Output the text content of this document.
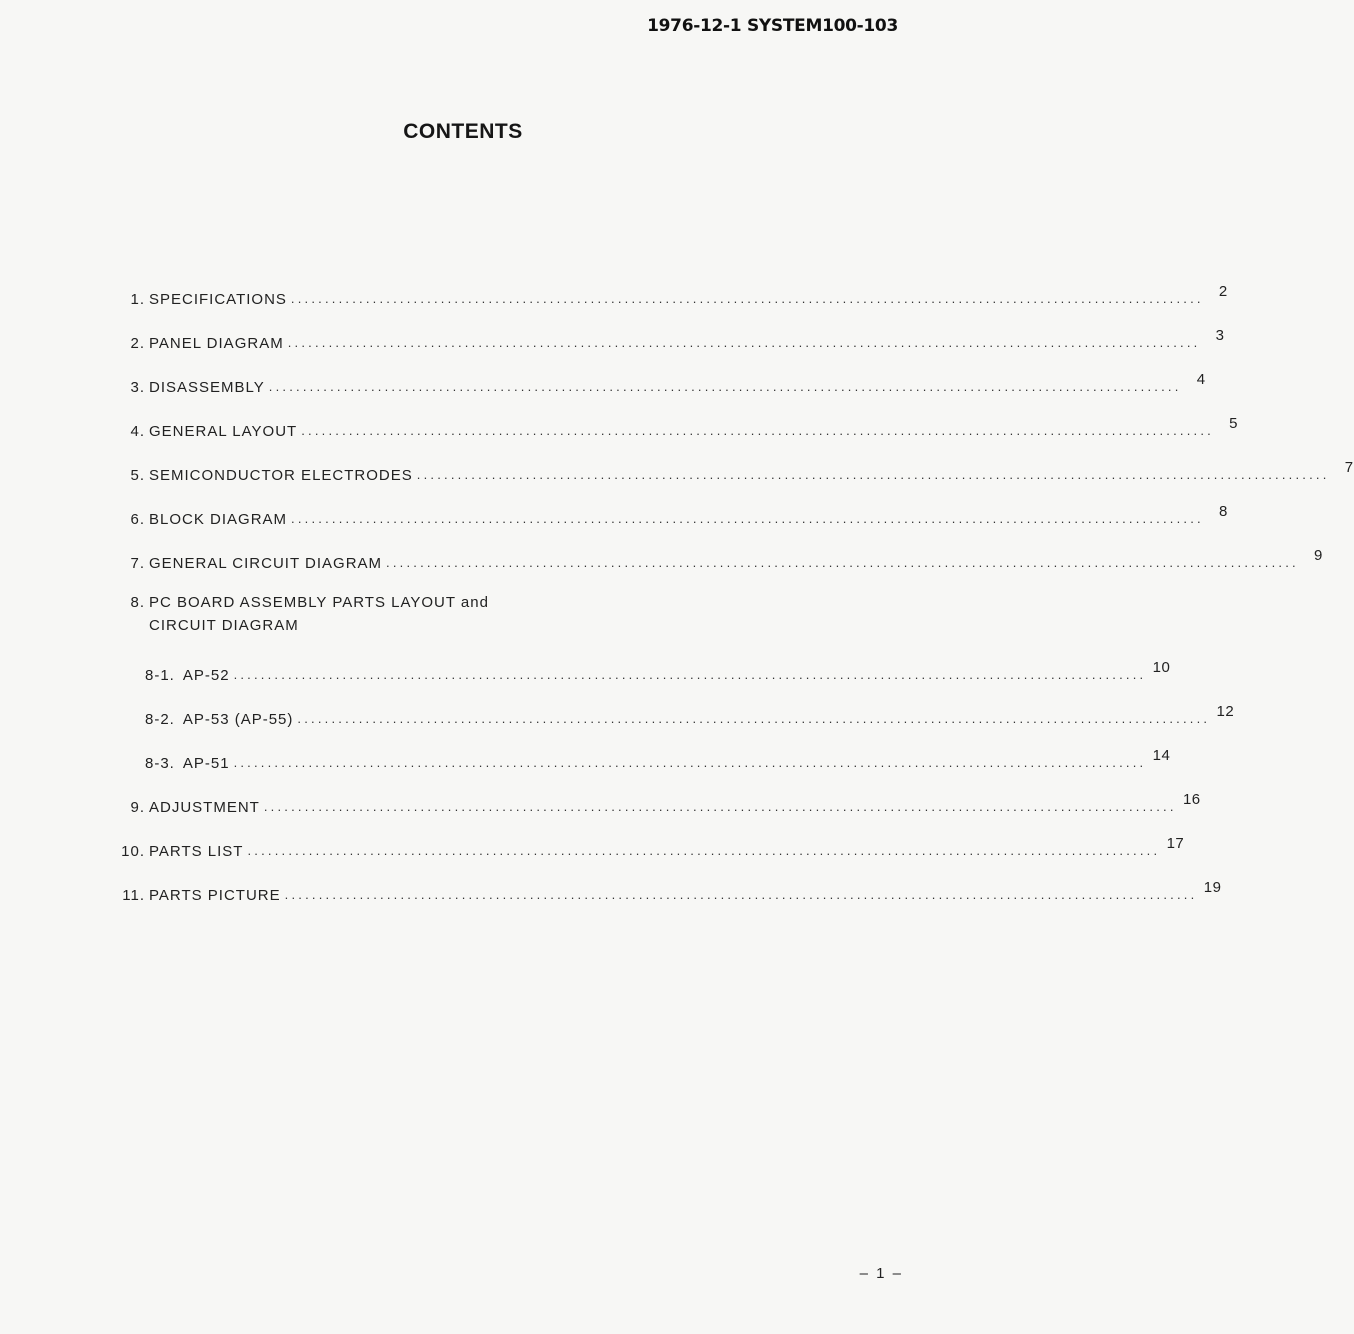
1976-12-1 SYSTEM100-103
CONTENTS
1. SPECIFICATIONS ......................................................................................................................................	2
2. PANEL DIAGRAM ......................................................................................................................................	3
3. DISASSEMBLY ......................................................................................................................................	4
4. GENERAL LAYOUT ......................................................................................................................................	5
5. SEMICONDUCTOR ELECTRODES ......................................................................................................................................	7
6. BLOCK DIAGRAM ......................................................................................................................................	8
7. GENERAL CIRCUIT DIAGRAM ......................................................................................................................................	9
8. PC BOARD ASSEMBLY PARTS LAYOUT and
CIRCUIT DIAGRAM
8-1. AP-52 ...................................................................................................................................... 10
8-2. AP-53 (AP-55) ...................................................................................................................................... 12
8-3. AP-51 ...................................................................................................................................... 14
9. ADJUSTMENT ...................................................................................................................................... 16
10. PARTS LIST ...................................................................................................................................... 17
11. PARTS PICTURE ...................................................................................................................................... 19
– 1 –
